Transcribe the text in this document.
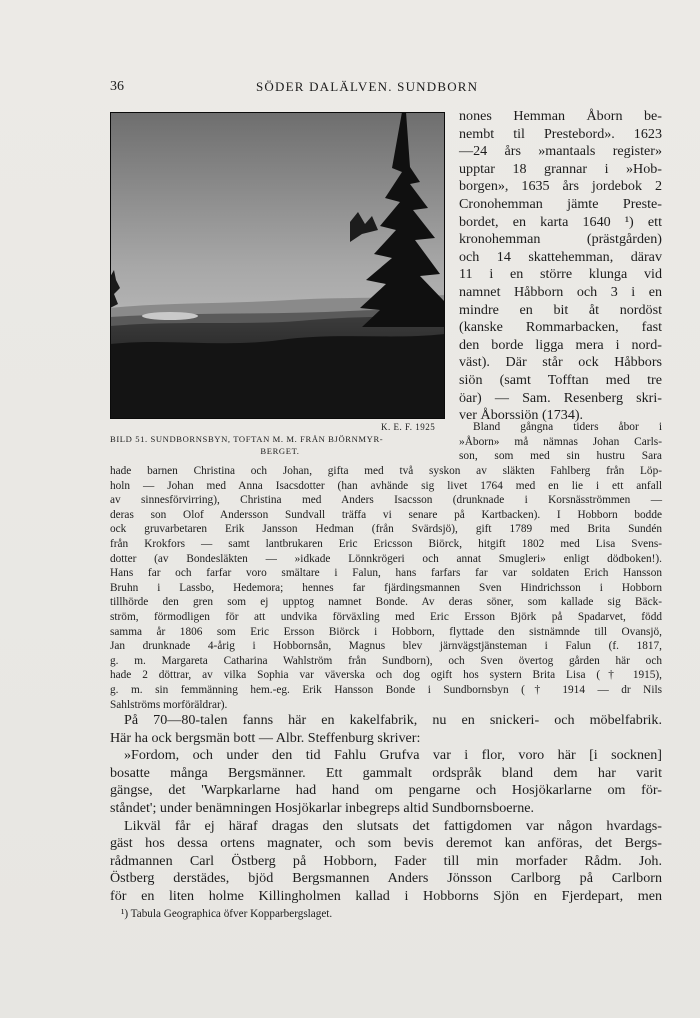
36	SÖDER DALÄLVEN. SUNDBORN
K. E. F. 1925
BILD 51. SUNDBORNSBYN, TOFTAN M. M. FRÅN BJÖRNMYR-
BERGET.
nones Hemman Åborn be-
nembt til Prestebord». 1623
—24 års »mantaals register»
upptar 18 grannar i »Hob-
borgen», 1635 års jordebok 2
Cronohemman jämte Preste-
bordet, en karta 1640 ¹) ett
kronohemman (prästgården)
och 14 skattehemman, därav
11 i en större klunga vid
namnet Håbborn och 3 i en
mindre en bit åt nordöst
(kanske Rommarbacken, fast
den borde ligga mera i nord-
väst). Där står ock Håbbors
siön (samt Tofftan med tre
öar) — Sam. Resenberg skri-
ver Åborssiön (1734).
Bland gångna tiders åbor i
»Åborn» må nämnas Johan Carls-
son, som med sin hustru Sara
hade barnen Christina och Johan, gifta med två syskon av släkten Fahlberg från Löp-
holn — Johan med Anna Isacsdotter (han avhände sig livet 1764 med en lie i ett anfall
av sinnesförvirring), Christina med Anders Isacsson (drunknade i Korsnäsströmmen —
deras son Olof Andersson Sundvall träffa vi senare på Kartbacken). I Hobborn bodde
ock gruvarbetaren Erik Jansson Hedman (från Svärdsjö), gift 1789 med Brita Sundén
från Krokfors — samt lantbrukaren Eric Ericsson Biörck, hitgift 1802 med Lisa Svens-
dotter (av Bondesläkten — »idkade Lönnkrögeri och annat Smugleri» enligt dödboken!).
Hans far och farfar voro smältare i Falun, hans farfars far var soldaten Erich Hansson
Bruhn i Lassbo, Hedemora; hennes far fjärdingsmannen Sven Hindrichsson i Hobborn
tillhörde den gren som ej upptog namnet Bonde. Av deras söner, som kallade sig Bäck-
ström, förmodligen för att undvika förväxling med Eric Ersson Björk på Spadarvet, född
samma år 1806 som Eric Ersson Biörck i Hobborn, flyttade den sistnämnde till Ovansjö,
Jan drunknade 4-årig i Hobbornsån, Magnus blev järnvägstjänsteman i Falun (f. 1817,
g. m. Margareta Catharina Wahlström från Sundborn), och Sven övertog gården här och
hade 2 döttrar, av vilka Sophia var väverska och dog ogift hos systern Brita Lisa († 1915),
g. m. sin femmänning hem.-eg. Erik Hansson Bonde i Sundbornsbyn († 1914 — dr Nils
Sahlströms morföräldrar).
På 70—80-talen fanns här en kakelfabrik, nu en snickeri- och möbelfabrik.
Här ha ock bergsmän bott — Albr. Steffenburg skriver:
»Fordom, och under den tid Fahlu Grufva var i flor, voro här [i socknen]
bosatte många Bergsmänner. Ett gammalt ordspråk bland dem har varit
gängse, det 'Warpkarlarne had hand om pengarne och Hosjökarlarne om för-
ståndet'; under benämningen Hosjökarlar inbegreps altid Sundbornsboerne.
Likväl får ej häraf dragas den slutsats det fattigdomen var någon hvardags-
gäst hos dessa ortens magnater, och som bevis deremot kan anföras, det Bergs-
rådmannen Carl Östberg på Hobborn, Fader till min morfader Rådm. Joh.
Östberg derstädes, bjöd Bergsmannen Anders Jönsson Carlborg på Carlborn
för en liten holme Killingholmen kallad i Hobborns Sjön en Fjerdepart, men
¹) Tabula Geographica öfver Kopparbergslaget.
